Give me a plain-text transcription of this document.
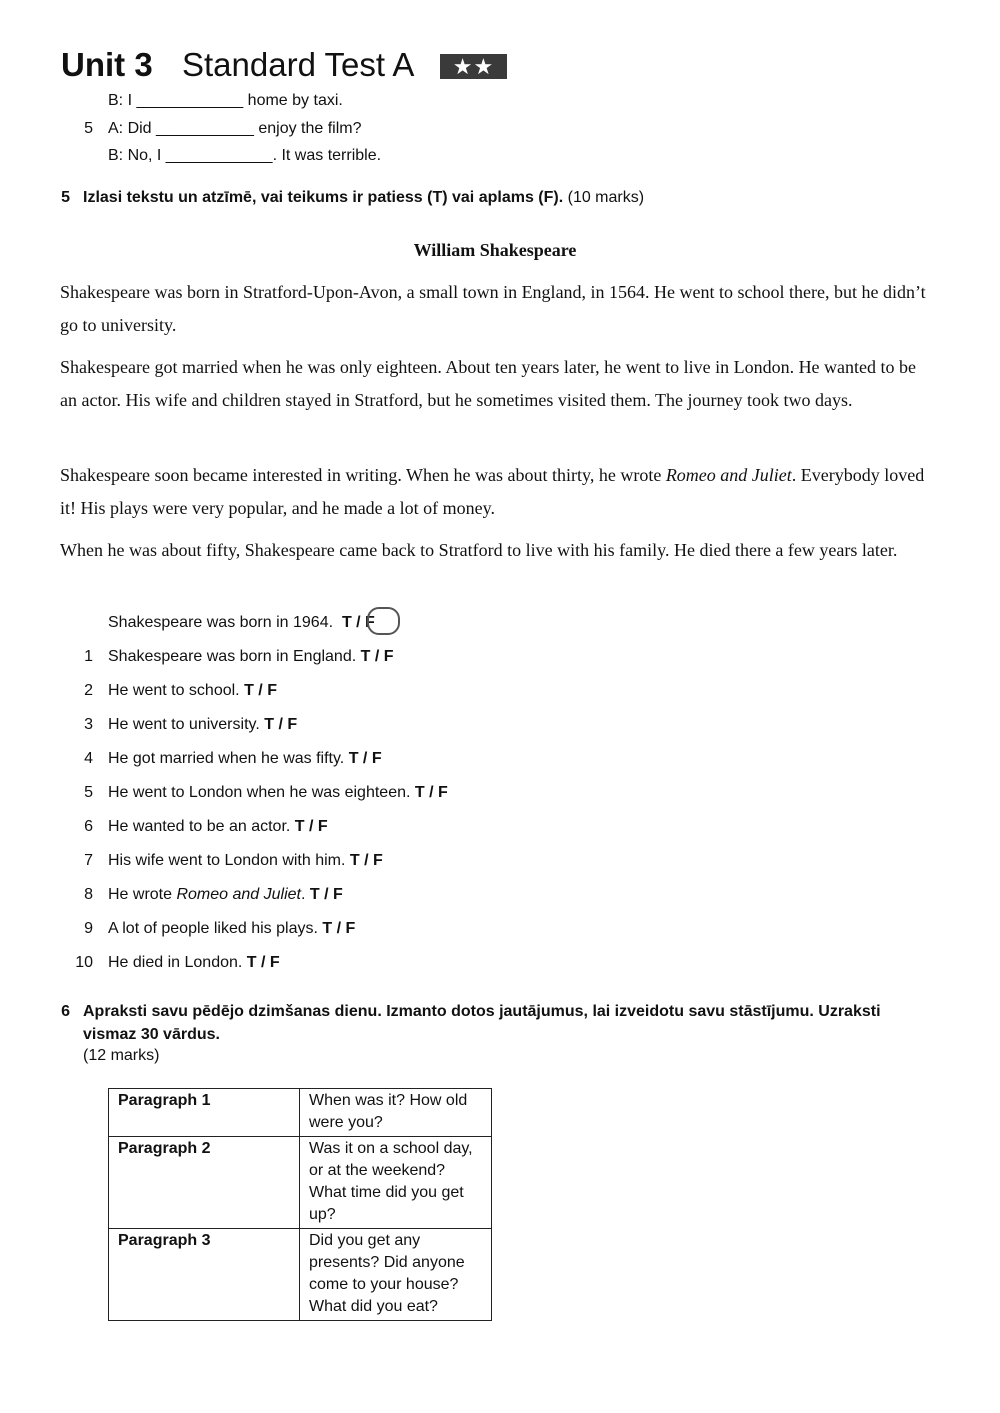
Unit 3 Standard Test A	★★
B: I ____________ home by taxi.
5 A: Did ___________ enjoy the film?
B: No, I ____________. It was terrible.
5 Izlasi tekstu un atzīmē, vai teikums ir patiess (T) vai aplams (F). (10 marks)
William Shakespeare
Shakespeare was born in Stratford-Upon-Avon, a small town in England, in 1564. He went to school there, but he didn’t go to university.
Shakespeare got married when he was only eighteen. About ten years later, he went to live in London. He wanted to be an actor. His wife and children stayed in Stratford, but he sometimes visited them. The journey took two days.
Shakespeare soon became interested in writing. When he was about thirty, he wrote Romeo and Juliet. Everybody loved it! His plays were very popular, and he made a lot of money.
When he was about fifty, Shakespeare came back to Stratford to live with his family. He died there a few years later.
Shakespeare was born in 1964. T / F
1 Shakespeare was born in England. T / F
2 He went to school. T / F
3 He went to university. T / F
4 He got married when he was fifty. T / F
5 He went to London when he was eighteen. T / F
6 He wanted to be an actor. T / F
7 His wife went to London with him. T / F
8 He wrote Romeo and Juliet. T / F
9 A lot of people liked his plays. T / F
10 He died in London. T / F
6 Apraksti savu pēdējo dzimšanas dienu. Izmanto dotos jautājumus, lai izveidotu savu stāstījumu. Uzraksti
vismaz 30 vārdus.
(12 marks)
Paragraph 1	When was it? How old were you?
Paragraph 2	Was it on a school day, or at the weekend? What time did you get up?
Paragraph 3	Did you get any presents? Did anyone come to your house? What did you eat?
